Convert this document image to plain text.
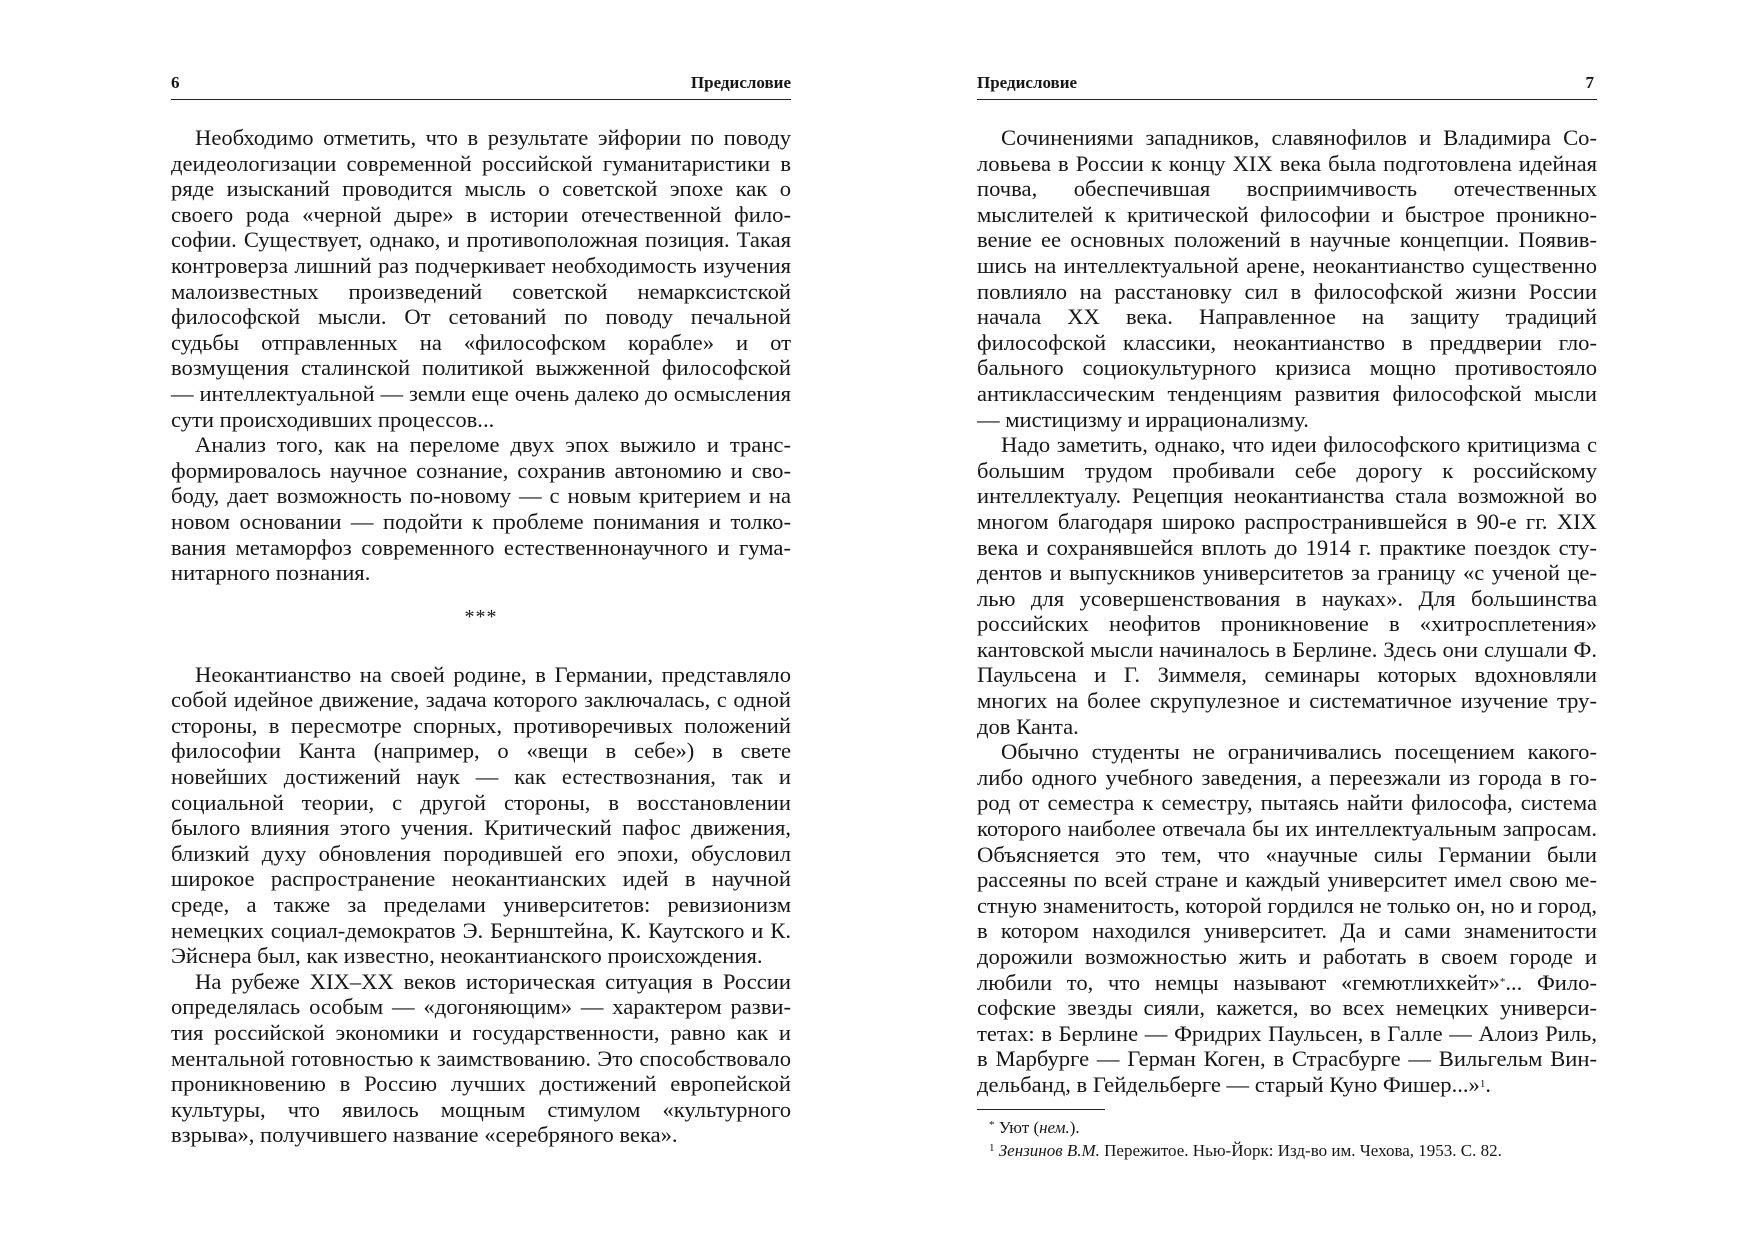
6	Предисловие

Необходимо отметить, что в результате эйфории по поводу деидеологизации современной российской гуманитаристики в ряде изысканий проводится мысль о советской эпохе как о своего рода «черной дыре» в истории отечественной философии. Существует, однако, и противоположная позиция. Такая контроверза лишний раз подчеркивает необходимость изучения малоизвестных произведений советской немарксистской философской мысли. От сетований по поводу печальной судьбы отправленных на «философском корабле» и от возмущения сталинской политикой выжженной философской — интеллектуальной — земли еще очень далеко до осмысления сути происходивших процессов...

Анализ того, как на переломе двух эпох выжило и трансформировалось научное сознание, сохранив автономию и свободу, дает возможность по-новому — с новым критерием и на новом основании — подойти к проблеме понимания и толкования метаморфоз современного естественнонаучного и гуманитарного познания.

***

Неокантианство на своей родине, в Германии, представляло собой идейное движение, задача которого заключалась, с одной стороны, в пересмотре спорных, противоречивых положений философии Канта (например, о «вещи в себе») в свете новейших достижений наук — как естествознания, так и социальной теории, с другой стороны, в восстановлении былого влияния этого учения. Критический пафос движения, близкий духу обновления породившей его эпохи, обусловил широкое распространение неокантианских идей в научной среде, а также за пределами университетов: ревизионизм немецких социал-демократов Э. Бернштейна, К. Каутского и К. Эйснера был, как известно, неокантианского происхождения.

На рубеже XIX–XX веков историческая ситуация в России определялась особым — «догоняющим» — характером развития российской экономики и государственности, равно как и ментальной готовностью к заимствованию. Это способствовало проникновению в Россию лучших достижений европейской культуры, что явилось мощным стимулом «культурного взрыва», получившего название «серебряного века».

Предисловие	7

Сочинениями западников, славянофилов и Владимира Соловьева в России к концу XIX века была подготовлена идейная почва, обеспечившая восприимчивость отечественных мыслителей к критической философии и быстрое проникновение ее основных положений в научные концепции. Появившись на интеллектуальной арене, неокантианство существенно повлияло на расстановку сил в философской жизни России начала XX века. Направленное на защиту традиций философской классики, неокантианство в преддверии глобального социокультурного кризиса мощно противостояло антиклассическим тенденциям развития философской мысли — мистицизму и иррационализму.

Надо заметить, однако, что идеи философского критицизма с большим трудом пробивали себе дорогу к российскому интеллектуалу. Рецепция неокантианства стала возможной во многом благодаря широко распространившейся в 90-е гг. XIX века и сохранявшейся вплоть до 1914 г. практике поездок студентов и выпускников университетов за границу «с ученой целью для усовершенствования в науках». Для большинства российских неофитов проникновение в «хитросплетения» кантовской мысли начиналось в Берлине. Здесь они слушали Ф. Паульсена и Г. Зиммеля, семинары которых вдохновляли многих на более скрупулезное и систематичное изучение трудов Канта.

Обычно студенты не ограничивались посещением какого-либо одного учебного заведения, а переезжали из города в город от семестра к семестру, пытаясь найти философа, система которого наиболее отвечала бы их интеллектуальным запросам. Объясняется это тем, что «научные силы Германии были рассеяны по всей стране и каждый университет имел свою местную знаменитость, которой гордился не только он, но и город, в котором находился университет. Да и сами знаменитости дорожили возможностью жить и работать в своем городе и любили то, что немцы называют «гемютлихкейт»*... Философские звезды сияли, кажется, во всех немецких университетах: в Берлине — Фридрих Паульсен, в Галле — Алоиз Риль, в Марбурге — Герман Коген, в Страсбурге — Вильгельм Виндельбанд, в Гейдельберге — старый Куно Фишер...»$^1$.

* Уют (нем.).

$^1$ Зензинов В.М. Пережитое. Нью-Йорк: Изд-во им. Чехова, 1953. С. 82.
